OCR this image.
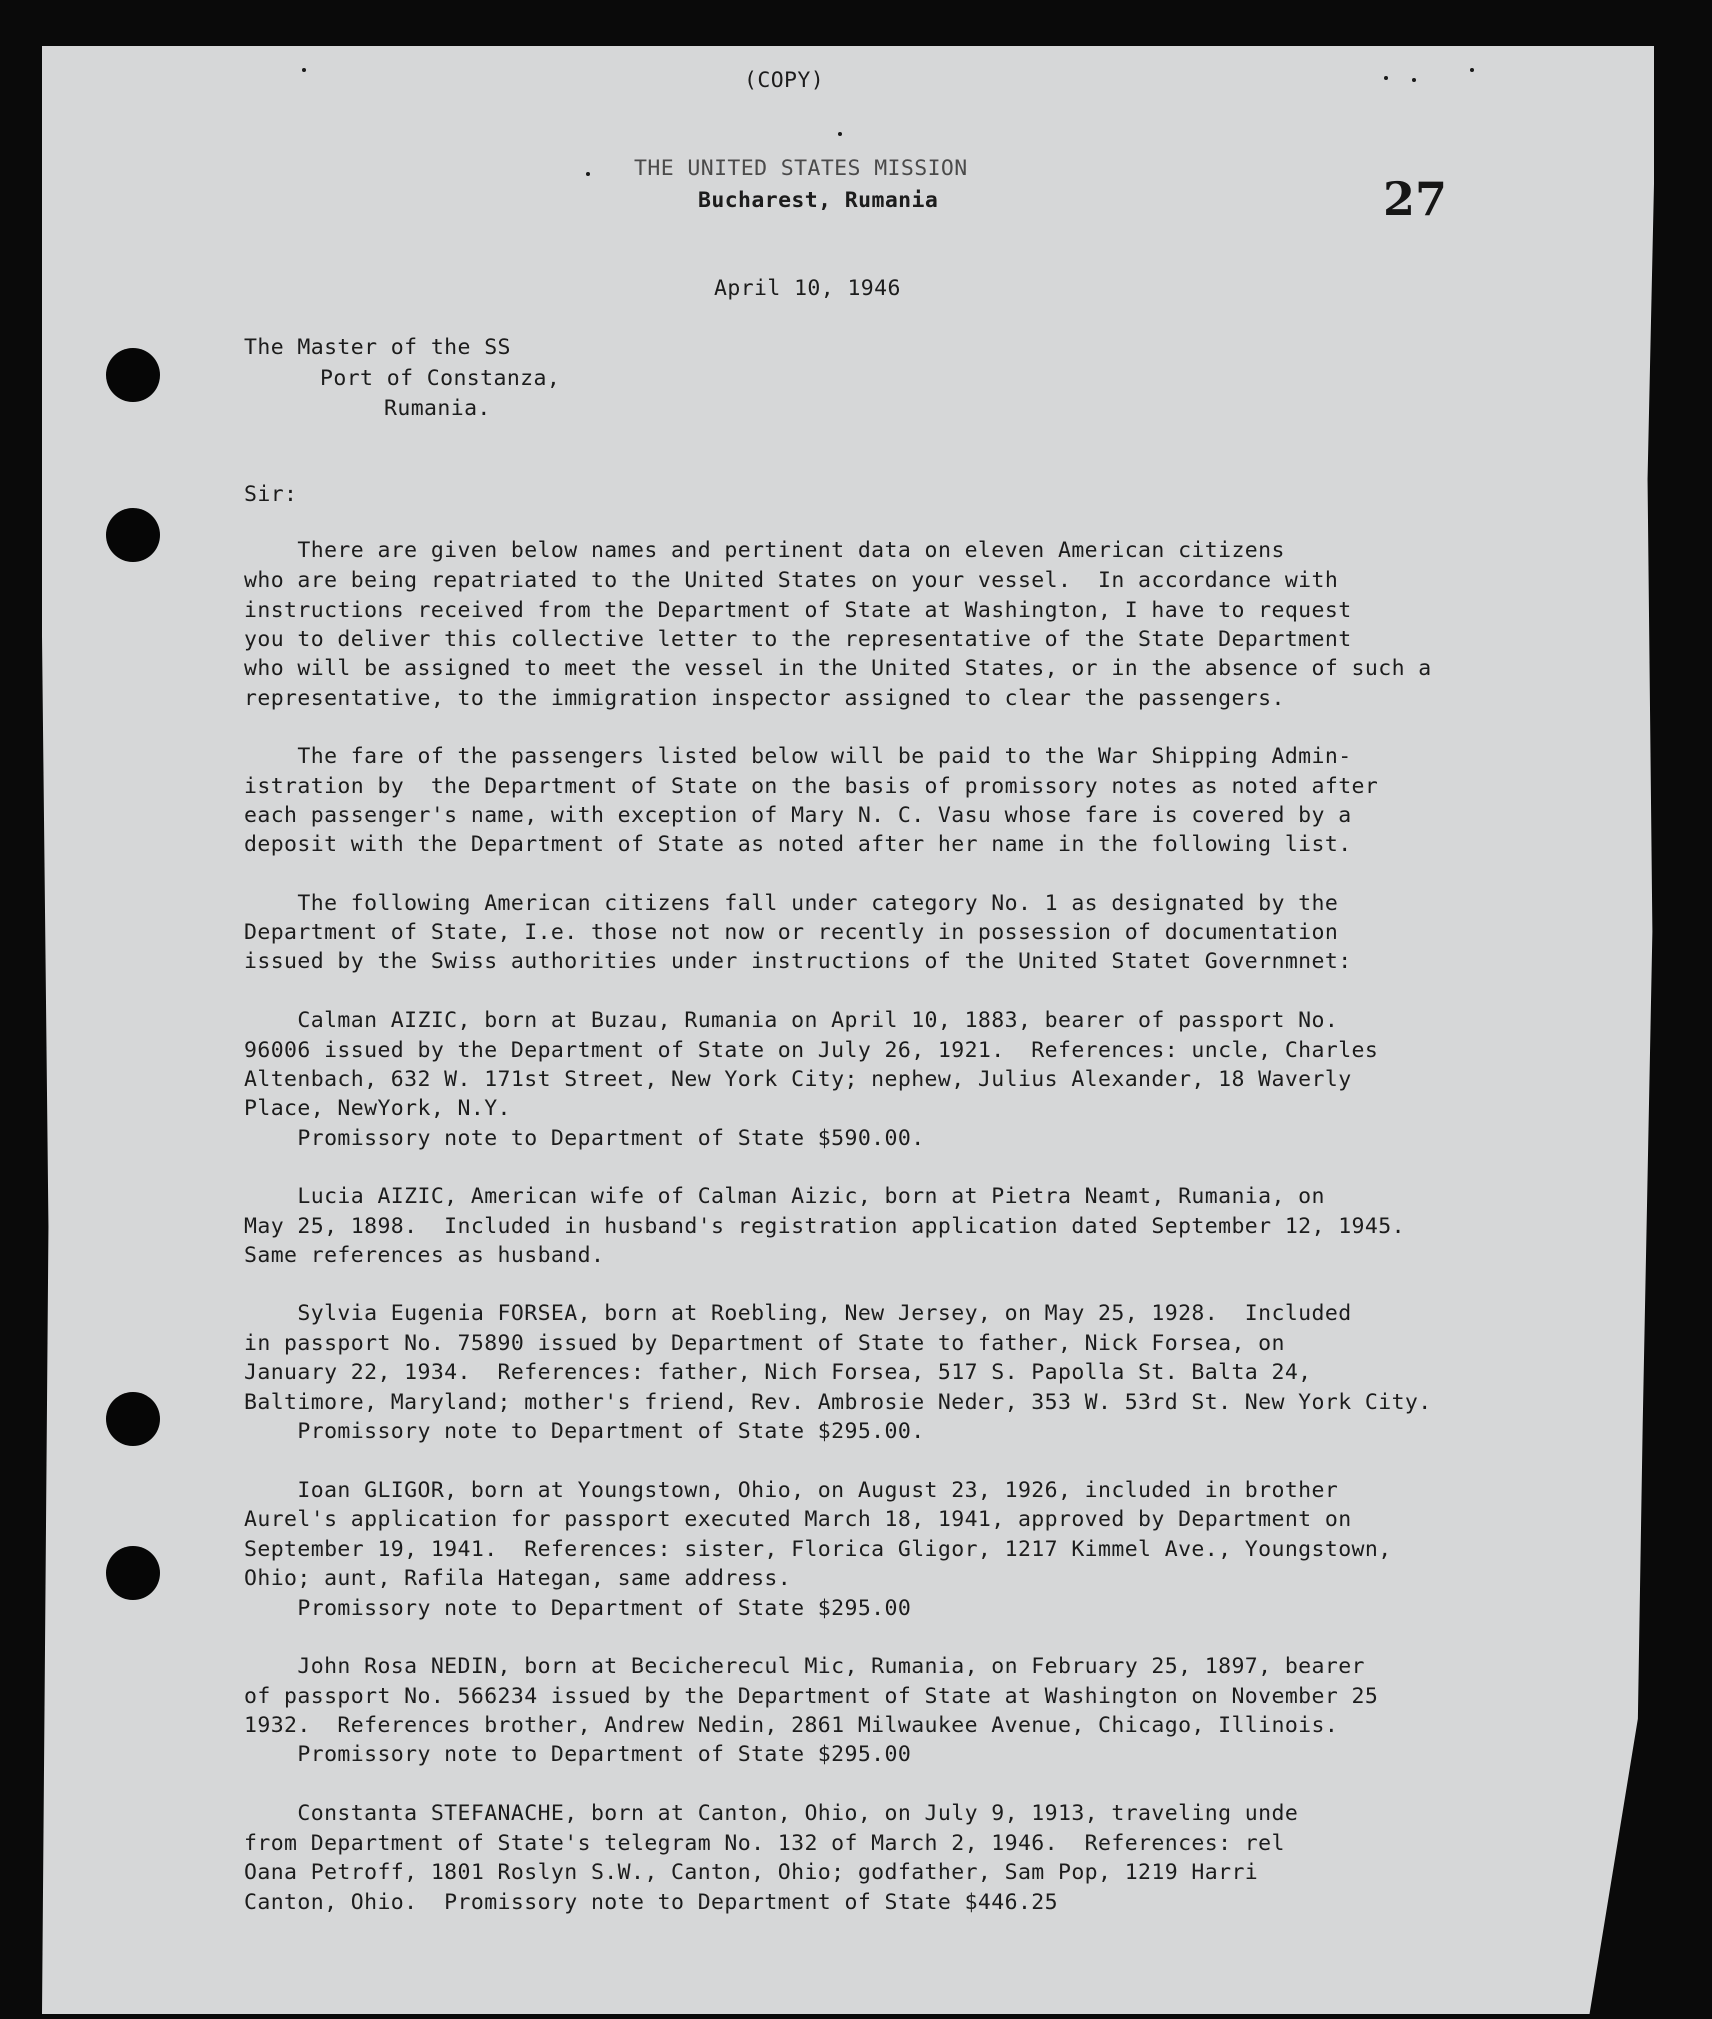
(COPY)

THE UNITED STATES MISSION

Bucharest, Rumania	27

April 10, 1946

The Master of the SS

Port of Constanza,

Rumania.

Sir:

There are given below names and pertinent data on eleven American citizens

who are being repatriated to the United States on your vessel.  In accordance with

instructions received from the Department of State at Washington, I have to request

you to deliver this collective letter to the representative of the State Department

who will be assigned to meet the vessel in the United States, or in the absence of such a

representative, to the immigration inspector assigned to clear the passengers.

The fare of the passengers listed below will be paid to the War Shipping Admin-

istration by  the Department of State on the basis of promissory notes as noted after

each passenger's name, with exception of Mary N. C. Vasu whose fare is covered by a

deposit with the Department of State as noted after her name in the following list.

The following American citizens fall under category No. 1 as designated by the

Department of State, I.e. those not now or recently in possession of documentation

issued by the Swiss authorities under instructions of the United Statet Governmnet:

Calman AIZIC, born at Buzau, Rumania on April 10, 1883, bearer of passport No.

96006 issued by the Department of State on July 26, 1921.  References: uncle, Charles

Altenbach, 632 W. 171st Street, New York City; nephew, Julius Alexander, 18 Waverly

Place, NewYork, N.Y.

Promissory note to Department of State $590.00.

Lucia AIZIC, American wife of Calman Aizic, born at Pietra Neamt, Rumania, on

May 25, 1898.  Included in husband's registration application dated September 12, 1945.

Same references as husband.

Sylvia Eugenia FORSEA, born at Roebling, New Jersey, on May 25, 1928.  Included

in passport No. 75890 issued by Department of State to father, Nick Forsea, on

January 22, 1934.  References: father, Nich Forsea, 517 S. Papolla St. Balta 24,

Baltimore, Maryland; mother's friend, Rev. Ambrosie Neder, 353 W. 53rd St. New York City.

Promissory note to Department of State $295.00.

Ioan GLIGOR, born at Youngstown, Ohio, on August 23, 1926, included in brother

Aurel's application for passport executed March 18, 1941, approved by Department on

September 19, 1941.  References: sister, Florica Gligor, 1217 Kimmel Ave., Youngstown,

Ohio; aunt, Rafila Hategan, same address.

Promissory note to Department of State $295.00

John Rosa NEDIN, born at Becicherecul Mic, Rumania, on February 25, 1897, bearer

of passport No. 566234 issued by the Department of State at Washington on November 25

1932.  References brother, Andrew Nedin, 2861 Milwaukee Avenue, Chicago, Illinois.

Promissory note to Department of State $295.00

Constanta STEFANACHE, born at Canton, Ohio, on July 9, 1913, traveling unde

from Department of State's telegram No. 132 of March 2, 1946.  References: rel

Oana Petroff, 1801 Roslyn S.W., Canton, Ohio; godfather, Sam Pop, 1219 Harri

Canton, Ohio.  Promissory note to Department of State $446.25
